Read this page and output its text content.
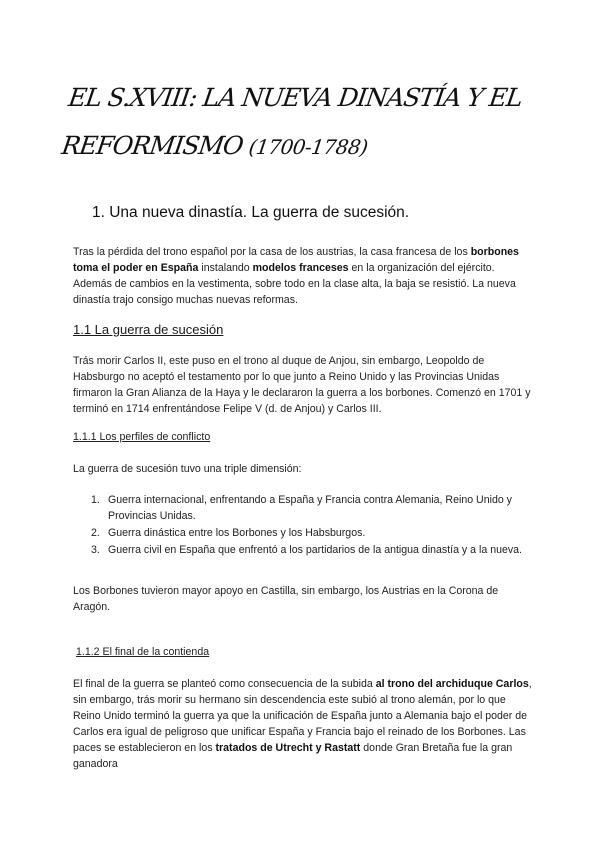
EL S.XVIII: LA NUEVA DINASTÍA Y EL
REFORMISMO (1700-1788)
1. Una nueva dinastía. La guerra de sucesión.

Tras la pérdida del trono español por la casa de los austrias, la casa francesa de los borbones toma el poder en España instalando modelos franceses en la organización del ejército. Además de cambios en la vestimenta, sobre todo en la clase alta, la baja se resistió. La nueva dinastía trajo consigo muchas nuevas reformas.

1.1 La guerra de sucesión

Trás morir Carlos II, este puso en el trono al duque de Anjou, sin embargo, Leopoldo de Habsburgo no aceptó el testamento por lo que junto a Reino Unido y las Provincias Unidas firmaron la Gran Alianza de la Haya y le declararon la guerra a los borbones. Comenzó en 1701 y terminó en 1714 enfrentándose Felipe V (d. de Anjou) y Carlos III.

1.1.1 Los perfiles de conflicto

La guerra de sucesión tuvo una triple dimensión:

1. Guerra internacional, enfrentando a España y Francia contra Alemania, Reino Unido y Provincias Unidas.
2. Guerra dinástica entre los Borbones y los Habsburgos.
3. Guerra civil en España que enfrentó a los partidarios de la antigua dinastía y a la nueva.

Los Borbones tuvieron mayor apoyo en Castilla, sin embargo, los Austrias en la Corona de Aragón.

1.1.2 El final de la contienda

El final de la guerra se planteó como consecuencia de la subida al trono del archiduque Carlos, sin embargo, trás morir su hermano sin descendencia este subió al trono alemán, por lo que Reino Unido terminó la guerra ya que la unificación de España junto a Alemania bajo el poder de Carlos era igual de peligroso que unificar España y Francia bajo el reinado de los Borbones. Las paces se establecieron en los tratados de Utrecht y Rastatt donde Gran Bretaña fue la gran ganadora
